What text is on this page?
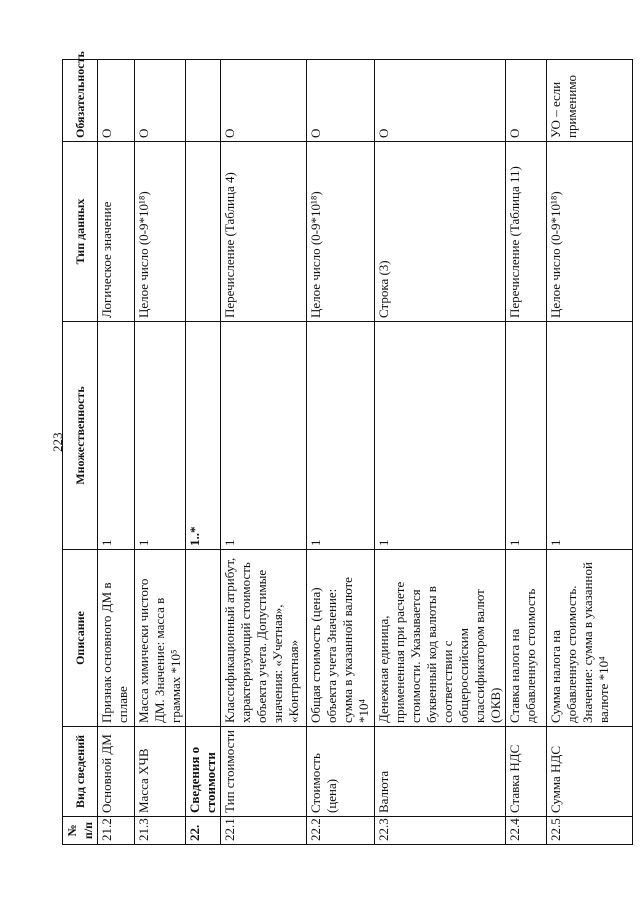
223
№ п/п	Вид сведений	Описание	Множественность	Тип данных	Обязательность
21.2.	Основной ДМ	Признак основного ДМ в сплаве	1	Логическое значение	О
21.3.	Масса ХЧВ	Масса химически чистого ДМ. Значение: масса в граммах *10⁵	1	Целое число (0-9*10¹⁸)	О
22.	Сведения о стоимости		1..*		
22.1.	Тип стоимости	Классификационный атрибут, характеризующий стоимость объекта учета. Допустимые значения: «Учетная», «Контрактная»	1	Перечисление (Таблица 4)	О
22.2.	Стоимость (цена)	Общая стоимость (цена) объекта учета Значение: сумма в указанной валюте *10⁴	1	Целое число (0-9*10¹⁸)	О
22.3.	Валюта	Денежная единица, примененная при расчете стоимости. Указывается буквенный код валюты в соответствии с общероссийским классификатором валют (ОКВ)	1	Строка (3)	О
22.4.	Ставка НДС	Ставка налога на добавленную стоимость	1	Перечисление (Таблица 11)	О
22.5.	Сумма НДС	Сумма налога на добавленную стоимость. Значение: сумма в указанной валюте *10⁴	1	Целое число (0-9*10¹⁸)	УО – если применимо
